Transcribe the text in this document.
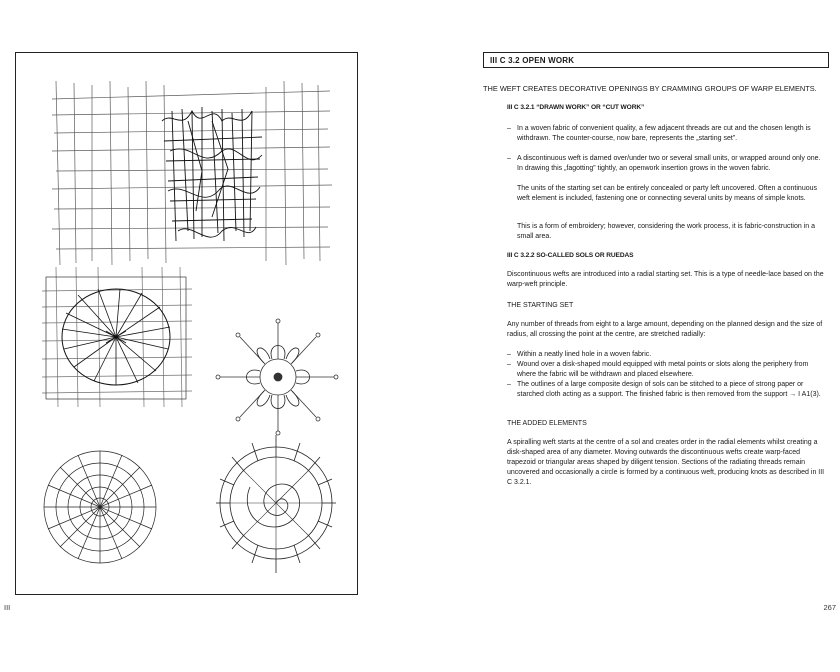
III
III C 3.2 OPEN WORK
THE WEFT CREATES DECORATIVE OPENINGS BY CRAMMING GROUPS OF WARP ELEMENTS.
III C 3.2.1 “DRAWN WORK” OR “CUT WORK”
– In a woven fabric of convenient quality, a few adjacent threads are cut and the chosen length is withdrawn. The counter-course, now bare, represents the „starting set”.
– A discontinuous weft is darned over/under two or several small units, or wrapped around only one. In drawing this „fagotting” tightly, an openwork insertion grows in the woven fabric.
The units of the starting set can be entirely concealed or party left uncovered. Often a continuous weft element is included, fastening one or connecting several units by means of simple knots.
This is a form of embroidery; however, considering the work process, it is fabric-construction in a small area.
III C 3.2.2 SO-CALLED SOLS OR RUEDAS
Discontinuous wefts are introduced into a radial starting set. This is a type of needle-lace based on the warp-weft principle.
THE STARTING SET
Any number of threads from eight to a large amount, depending on the planned design and the size of radius, all crossing the point at the centre, are stretched radially:
– Within a neatly lined hole in a woven fabric.
– Wound over a disk-shaped mould equipped with metal points or slots along the periphery from where the fabric will be withdrawn and placed elsewhere.
– The outlines of a large composite design of sols can be stitched to a piece of strong paper or starched cloth acting as a support. The finished fabric is then removed from the support → I A1(3).
THE ADDED ELEMENTS
A spiralling weft starts at the centre of a sol and creates order in the radial elements whilst creating a disk-shaped area of any diameter. Moving outwards the discontinuous wefts create warp-faced trapezoid or triangular areas shaped by diligent tension. Sections of the radiating threads remain uncovered and occasionally a circle is formed by a continuous weft, producing knots as described in III C 3.2.1.
267
